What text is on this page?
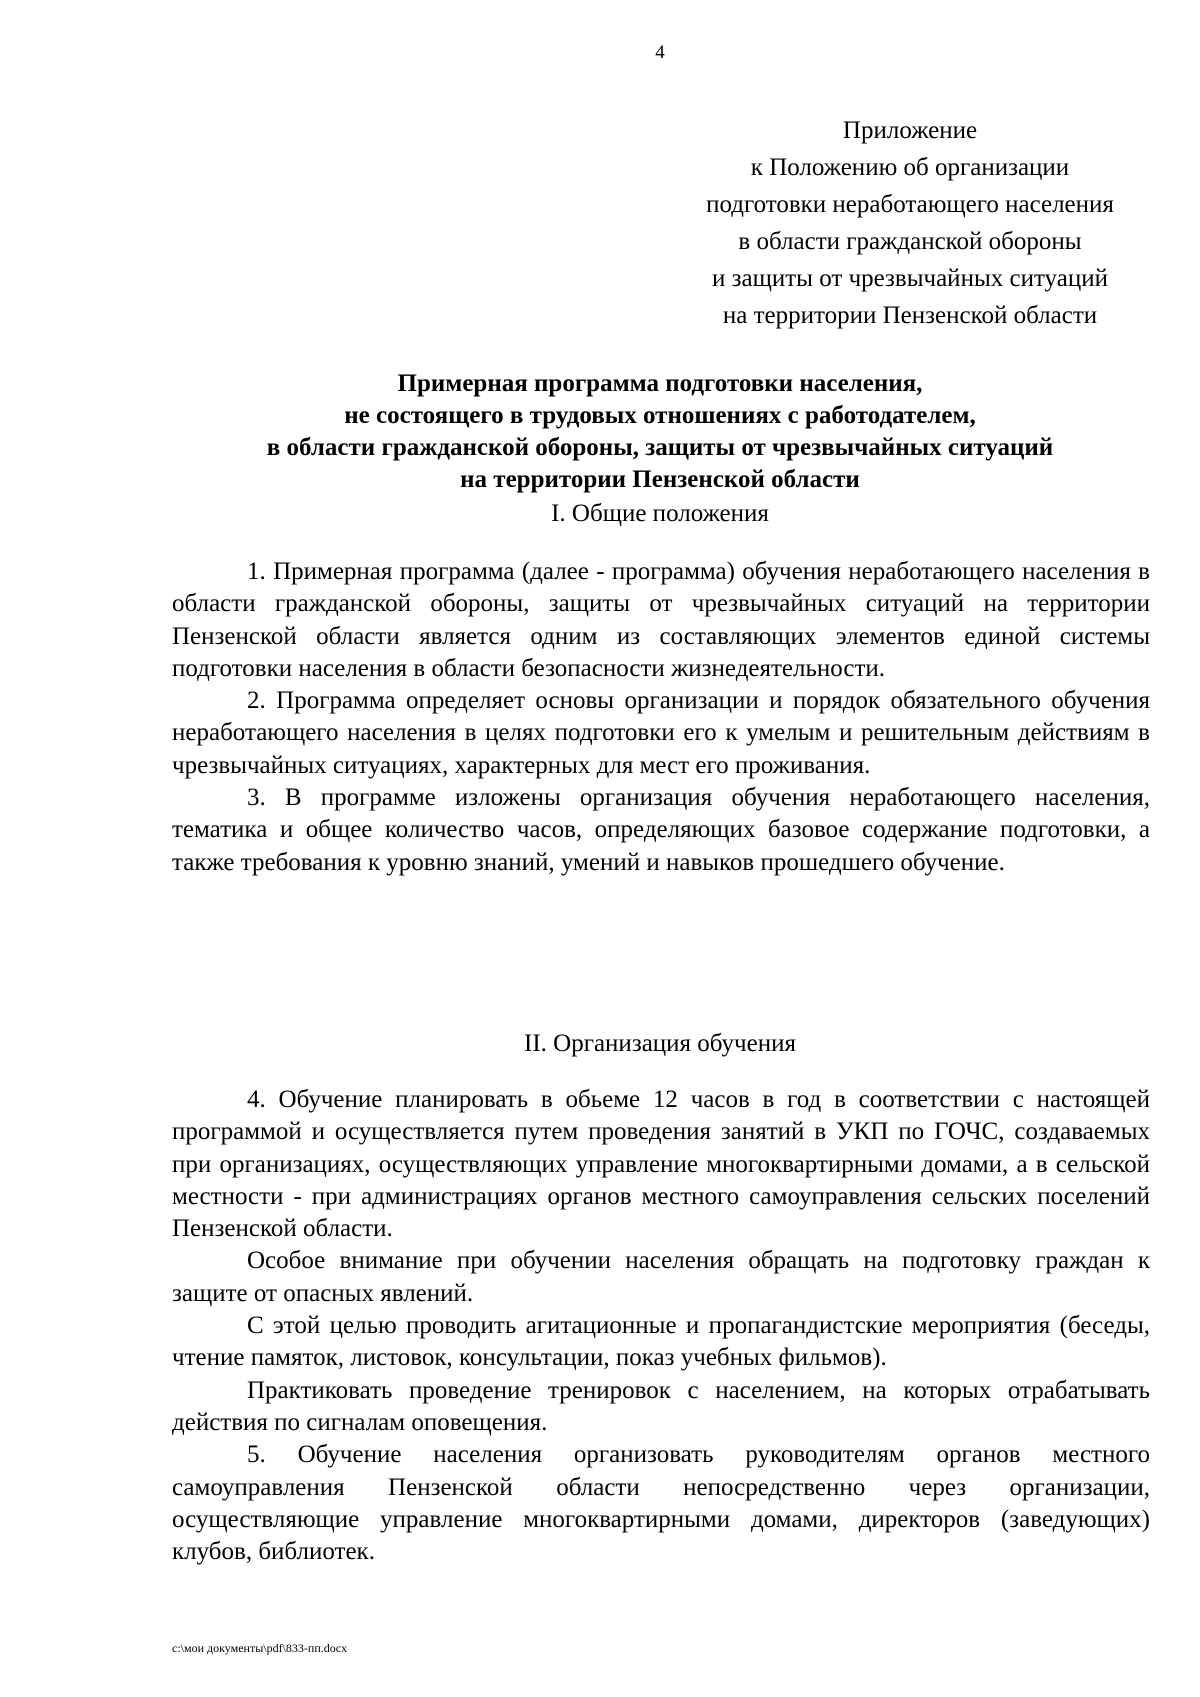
4
Приложение
к Положению об организации
подготовки неработающего населения
в области гражданской обороны
и защиты от чрезвычайных ситуаций
на территории Пензенской области
Примерная программа подготовки населения,
не состоящего в трудовых отношениях с работодателем,
в области гражданской обороны, защиты от чрезвычайных ситуаций
на территории Пензенской области
I. Общие положения

1. Примерная программа (далее - программа) обучения неработающего населения в области гражданской обороны, защиты от чрезвычайных ситуаций на территории Пензенской области является одним из составляющих элементов единой системы подготовки населения в области безопасности жизнедеятельности.

2. Программа определяет основы организации и порядок обязательного обучения неработающего населения в целях подготовки его к умелым и решительным действиям в чрезвычайных ситуациях, характерных для мест его проживания.

3. В программе изложены организация обучения неработающего населения, тематика и общее количество часов, определяющих базовое содержание подготовки, а также требования к уровню знаний, умений и навыков прошедшего обучение.

II. Организация обучения

4. Обучение планировать в обьеме 12 часов в год в соответствии с настоящей программой и осуществляется путем проведения занятий в УКП по ГОЧС, создаваемых при организациях, осуществляющих управление многоквартирными домами, а в сельской местности - при администрациях органов местного самоуправления сельских поселений Пензенской области.

Особое внимание при обучении населения обращать на подготовку граждан к защите от опасных явлений.

С этой целью проводить агитационные и пропагандистские мероприятия (беседы, чтение памяток, листовок, консультации, показ учебных фильмов).

Практиковать проведение тренировок с населением, на которых отрабатывать действия по сигналам оповещения.

5. Обучение населения организовать руководителям органов местного самоуправления Пензенской области непосредственно через организации, осуществляющие управление многоквартирными домами, директоров (заведующих) клубов, библиотек.

c:\мои документы\pdf\833-пп.docx
